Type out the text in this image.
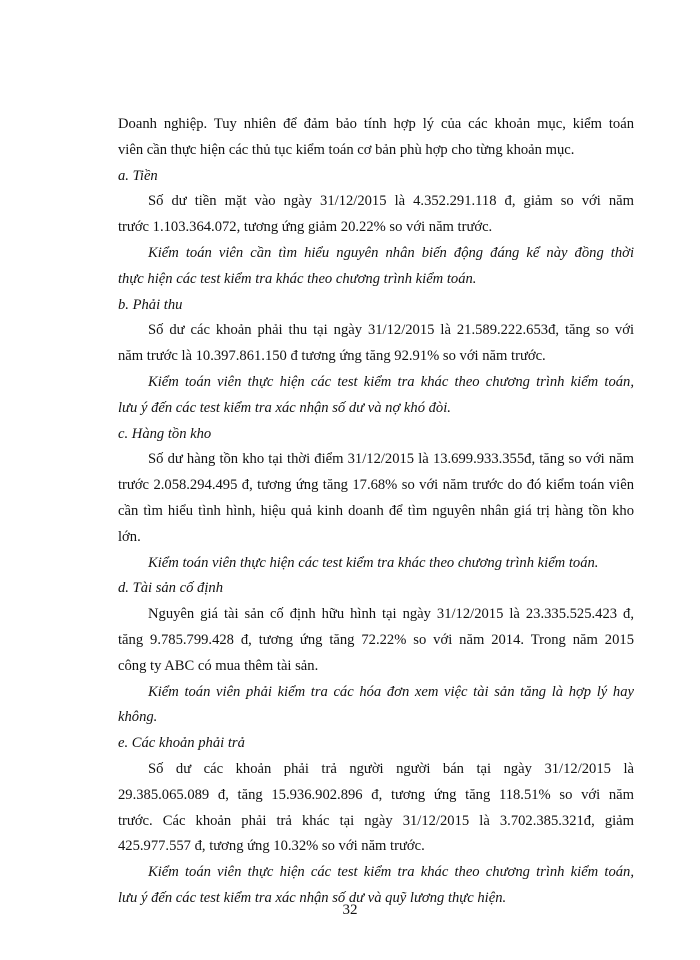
Doanh nghiệp. Tuy nhiên để đảm bảo tính hợp lý của các khoản mục, kiểm toán

viên cần thực hiện các thủ tục kiểm toán cơ bản phù hợp cho từng khoản mục.

a. Tiền

Số dư tiền mặt vào ngày 31/12/2015 là 4.352.291.118 đ, giảm so với năm

trước 1.103.364.072, tương ứng giảm 20.22% so với năm trước.

Kiểm toán viên cần tìm hiểu nguyên nhân biến động đáng kể này đồng thời

thực hiện các test kiểm tra khác theo chương trình kiểm toán.

b. Phải thu

Số dư các khoản phải thu tại ngày 31/12/2015 là 21.589.222.653đ, tăng so với

năm trước là 10.397.861.150 đ tương ứng tăng 92.91% so với năm trước.

Kiểm toán viên thực hiện các test kiểm tra khác theo chương trình kiểm toán,

lưu ý đến các test kiểm tra xác nhận số dư và nợ khó đòi.

c. Hàng tồn kho

Số dư hàng tồn kho tại thời điểm 31/12/2015 là 13.699.933.355đ, tăng so với năm

trước 2.058.294.495 đ, tương ứng tăng 17.68% so với năm trước do đó kiểm toán viên

cần tìm hiểu tình hình, hiệu quả kinh doanh để tìm nguyên nhân giá trị hàng tồn kho lớn.

Kiểm toán viên thực hiện các test kiểm tra khác theo chương trình kiểm toán.

d. Tài sản cố định

Nguyên giá tài sản cố định hữu hình tại ngày 31/12/2015 là 23.335.525.423 đ,

tăng 9.785.799.428 đ, tương ứng tăng 72.22% so với năm 2014. Trong năm 2015

công ty ABC có mua thêm tài sản.

Kiểm toán viên phải kiểm tra các hóa đơn xem việc tài sản tăng là hợp lý hay không.

e. Các khoản phải trả

Số dư các khoản phải trả người người bán tại ngày 31/12/2015 là

29.385.065.089 đ, tăng 15.936.902.896 đ, tương ứng tăng 118.51% so với năm

trước. Các khoản phải trả khác tại ngày 31/12/2015 là 3.702.385.321đ, giảm

425.977.557 đ, tương ứng 10.32% so với năm trước.

Kiểm toán viên thực hiện các test kiểm tra khác theo chương trình kiểm toán,

lưu ý đến các test kiểm tra xác nhận số dư và quỹ lương thực hiện.

32
